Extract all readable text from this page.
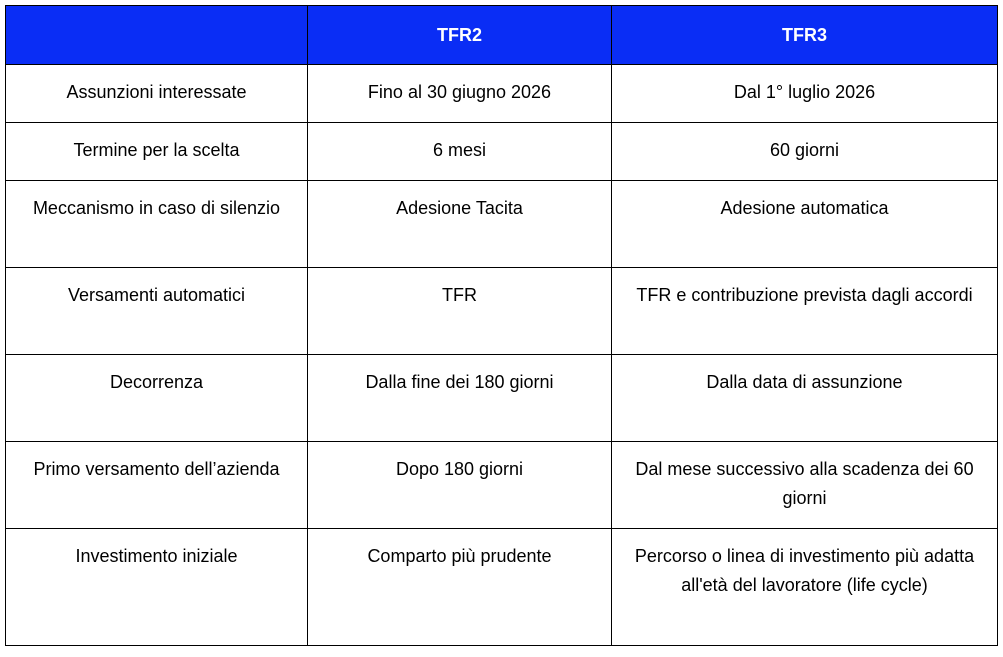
	TFR2	TFR3
Assunzioni interessate	Fino al 30 giugno 2026	Dal 1° luglio 2026
Termine per la scelta	6 mesi	60 giorni
Meccanismo in caso di silenzio	Adesione Tacita	Adesione automatica
Versamenti automatici	TFR	TFR e contribuzione prevista dagli accordi
Decorrenza	Dalla fine dei 180 giorni	Dalla data di assunzione
Primo versamento dell’azienda	Dopo 180 giorni	Dal mese successivo alla scadenza dei 60 giorni
Investimento iniziale	Comparto più prudente	Percorso o linea di investimento più adatta all'età del lavoratore (life cycle)
